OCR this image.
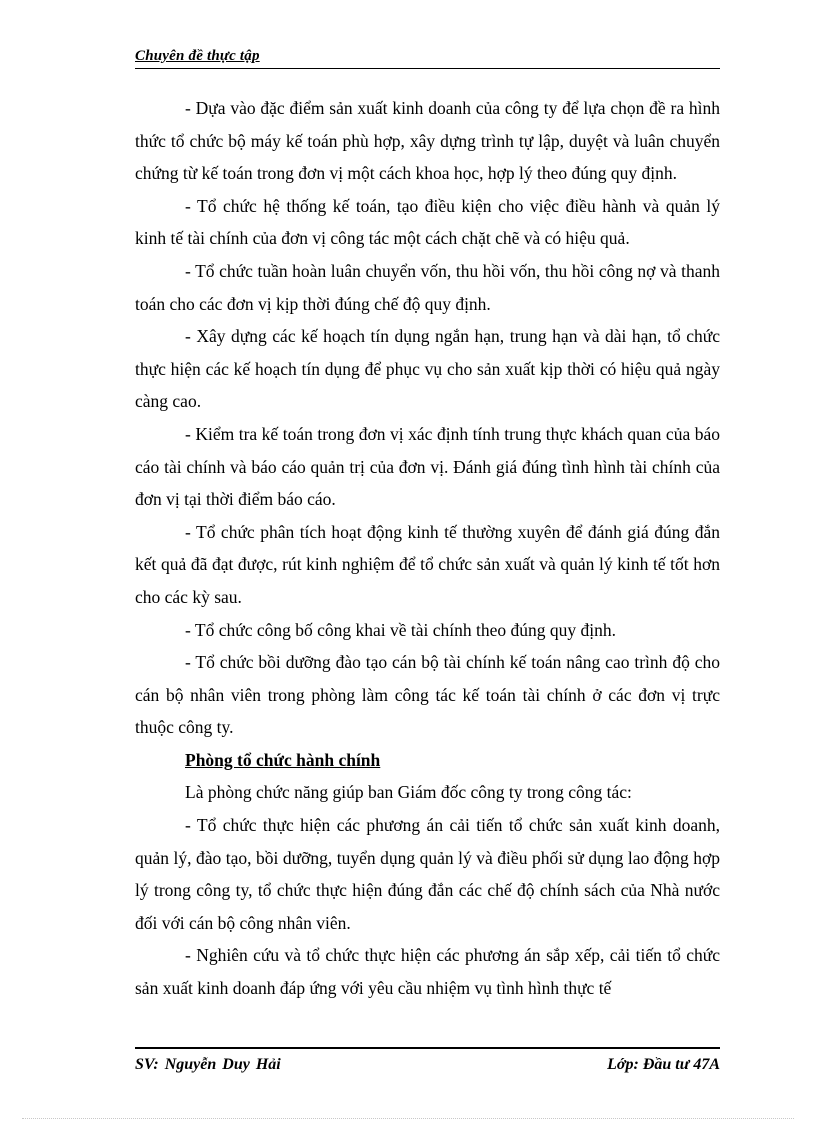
Chuyên đề thực tập

- Dựa vào đặc điểm sản xuất kinh doanh của công ty để lựa chọn đề ra hình thức tổ chức bộ máy kế toán phù hợp, xây dựng trình tự lập, duyệt và luân chuyển chứng từ kế toán trong đơn vị một cách khoa học, hợp lý theo đúng quy định.

- Tổ chức hệ thống kế toán, tạo điều kiện cho việc điều hành và quản lý kinh tế tài chính của đơn vị công tác một cách chặt chẽ và có hiệu quả.

- Tổ chức tuần hoàn luân chuyển vốn, thu hồi vốn, thu hồi công nợ và thanh toán cho các đơn vị kịp thời đúng chế độ quy định.

- Xây dựng các kế hoạch tín dụng ngắn hạn, trung hạn và dài hạn, tổ chức thực hiện các kế hoạch tín dụng để phục vụ cho sản xuất kịp thời có hiệu quả ngày càng cao.

- Kiểm tra kế toán trong đơn vị xác định tính trung thực khách quan của báo cáo tài chính và báo cáo quản trị của đơn vị. Đánh giá đúng tình hình tài chính của đơn vị tại thời điểm báo cáo.

- Tổ chức phân tích hoạt động kinh tế thường xuyên để đánh giá đúng đắn kết quả đã đạt được, rút kinh nghiệm để tổ chức sản xuất và quản lý kinh tế tốt hơn cho các kỳ sau.

- Tổ chức công bố công khai về tài chính theo đúng quy định.

- Tổ chức bồi dưỡng đào tạo cán bộ tài chính kế toán nâng cao trình độ cho cán bộ nhân viên trong phòng làm công tác kế toán tài chính ở các đơn vị trực thuộc công ty.

Phòng tổ chức hành chính

Là phòng chức năng giúp ban Giám đốc công ty trong công tác:

- Tổ chức thực hiện các phương án cải tiến tổ chức sản xuất kinh doanh, quản lý, đào tạo, bồi dưỡng, tuyển dụng quản lý và điều phối sử dụng lao động hợp lý trong công ty, tổ chức thực hiện đúng đắn các chế độ chính sách của Nhà nước đối với cán bộ công nhân viên.

- Nghiên cứu và tổ chức thực hiện các phương án sắp xếp, cải tiến tổ chức sản xuất kinh doanh đáp ứng với yêu cầu nhiệm vụ tình hình thực tế

SV: Nguyễn Duy Hải	Lớp: Đầu tư 47A
